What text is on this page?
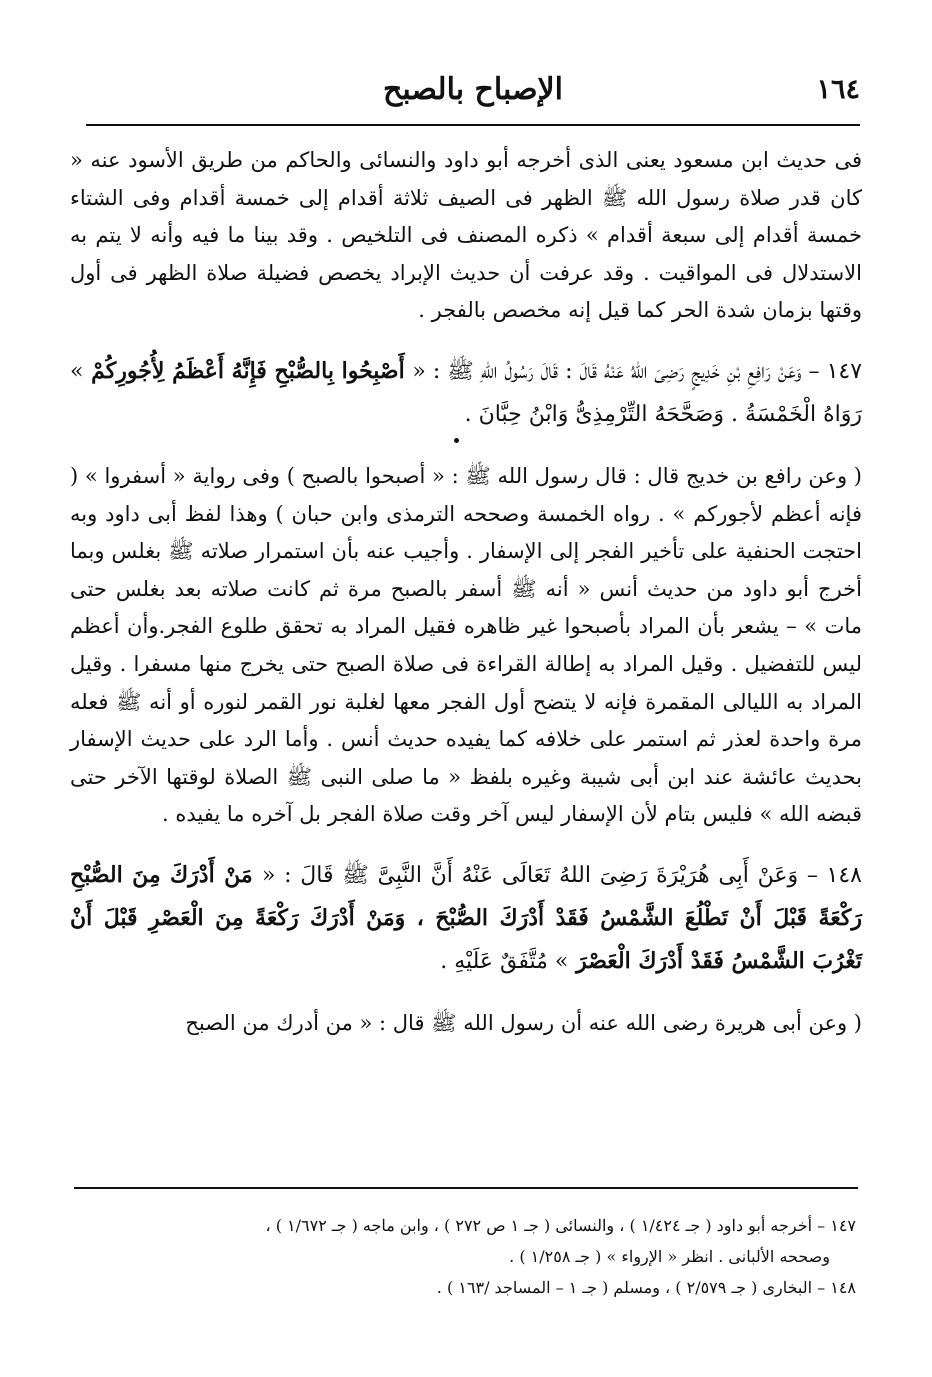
١٦٤
الإصباح بالصبح

فى حديث ابن مسعود يعنى الذى أخرجه أبو داود والنسائى والحاكم من طريق الأسود عنه « كان قدر صلاة رسول الله ﷺ الظهر فى الصيف ثلاثة أقدام إلى خمسة أقدام وفى الشتاء خمسة أقدام إلى سبعة أقدام » ذكره المصنف فى التلخيص . وقد بينا ما فيه وأنه لا يتم به الاستدلال فى المواقيت . وقد عرفت أن حديث الإبراد يخصص فضيلة صلاة الظهر فى أول وقتها بزمان شدة الحر كما قيل إنه مخصص بالفجر .

١٤٧ – وَعَنْ رَافِعِ بْنِ خَدِيجٍ رَضِىَ اللهُ عَنْهُ قَالَ : قَالَ رَسُولُ اللهِ ﷺ : « أَصْبِحُوا بِالصُّبْحِ فَإِنَّهُ أَعْظَمُ لِأُجُورِكُمْ » رَوَاهُ الْخَمْسَةُ . وَصَحَّحَهُ التِّرْمِذِىُّ وَابْنُ حِبَّانَ .

( وعن رافع بن خديج قال : قال رسول الله ﷺ : « أصبحوا بالصبح ) وفى رواية « أسفروا » ( فإنه أعظم لأجوركم » . رواه الخمسة وصححه الترمذى وابن حبان ) وهذا لفظ أبى داود وبه احتجت الحنفية على تأخير الفجر إلى الإسفار . وأجيب عنه بأن استمرار صلاته ﷺ بغلس وبما أخرج أبو داود من حديث أنس « أنه ﷺ أسفر بالصبح مرة ثم كانت صلاته بعد بغلس حتى مات » – يشعر بأن المراد بأصبحوا غير ظاهره فقيل المراد به تحقق طلوع الفجر.وأن أعظم ليس للتفضيل . وقيل المراد به إطالة القراءة فى صلاة الصبح حتى يخرج منها مسفرا . وقيل المراد به الليالى المقمرة فإنه لا يتضح أول الفجر معها لغلبة نور القمر لنوره أو أنه ﷺ فعله مرة واحدة لعذر ثم استمر على خلافه كما يفيده حديث أنس . وأما الرد على حديث الإسفار بحديث عائشة عند ابن أبى شيبة وغيره بلفظ « ما صلى النبى ﷺ الصلاة لوقتها الآخر حتى قبضه الله » فليس بتام لأن الإسفار ليس آخر وقت صلاة الفجر بل آخره ما يفيده .

١٤٨ – وَعَنْ أَبِى هُرَيْرَةَ رَضِىَ اللهُ تَعَالَى عَنْهُ أَنَّ النَّبِىَّ ﷺ قَالَ : « مَنْ أَدْرَكَ مِنَ الصُّبْحِ رَكْعَةً قَبْلَ أَنْ تَطْلُعَ الشَّمْسُ فَقَدْ أَدْرَكَ الصُّبْحَ ، وَمَنْ أَدْرَكَ رَكْعَةً مِنَ الْعَصْرِ قَبْلَ أَنْ تَغْرُبَ الشَّمْسُ فَقَدْ أَدْرَكَ الْعَصْرَ » مُتَّفَقٌ عَلَيْهِ .

( وعن أبى هريرة رضى الله عنه أن رسول الله ﷺ قال : « من أدرك من الصبح

١٤٧ – أخرجه أبو داود ( جـ ١/٤٢٤ ) ، والنسائى ( جـ ١ ص ٢٧٢ ) ، وابن ماجه ( جـ ١/٦٧٢ ) ،

وصححه الألبانى . انظر « الإرواء » ( جـ ١/٢٥٨ ) .

١٤٨ – البخارى ( جـ ٢/٥٧٩ ) ، ومسلم ( جـ ١ – المساجد /١٦٣ ) .
